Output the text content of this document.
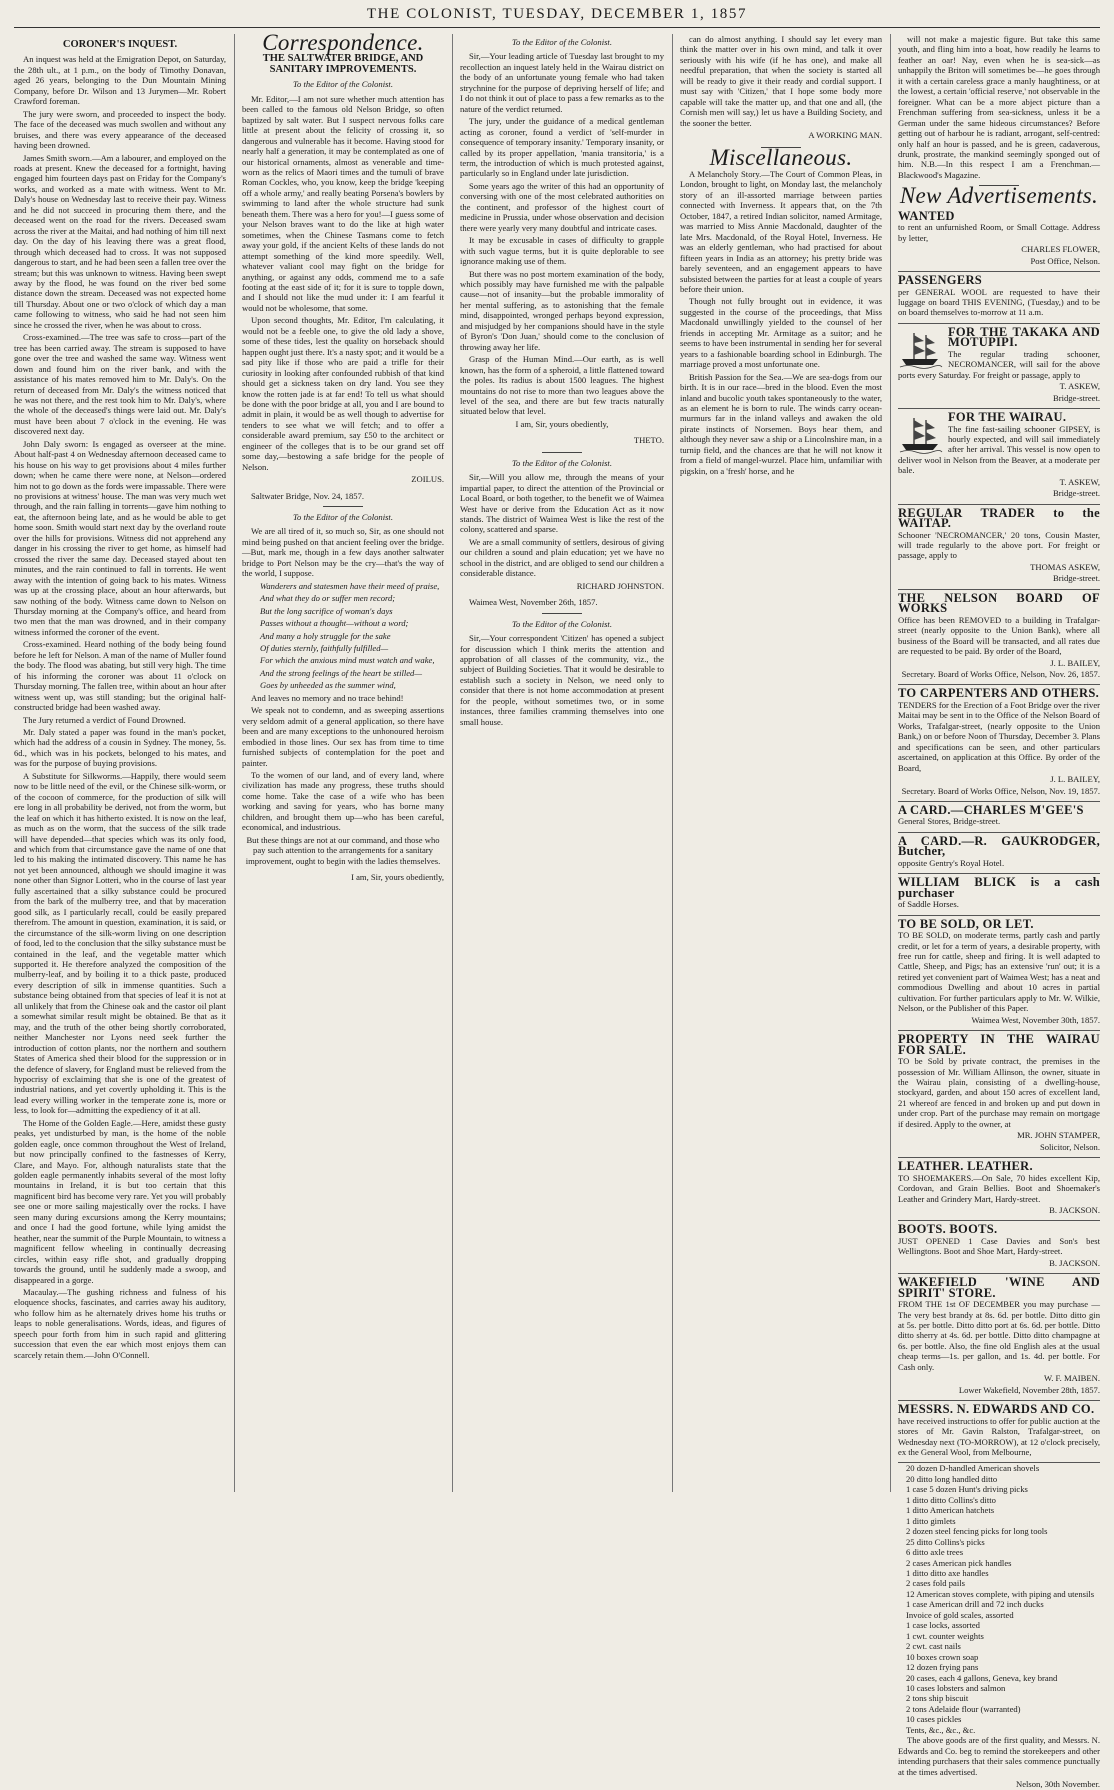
THE COLONIST, TUESDAY, DECEMBER 1, 1857
CORONER'S INQUEST.

An inquest was held at the Emigration Depot, on Saturday, the 28th ult., at 1 p.m., on the body of Timothy Donavan, aged 26 years, belonging to the Dun Mountain Mining Company, before Dr. Wilson and 13 Jurymen—Mr. Robert Crawford foreman.

The jury were sworn, and proceeded to inspect the body. The face of the deceased was much swollen and without any bruises, and there was every appearance of the deceased having been drowned.

James Smith sworn.—Am a labourer, and employed on the roads at present. Knew the deceased for a fortnight, having engaged him fourteen days past on Friday for the Company's works, and worked as a mate with witness. Went to Mr. Daly's house on Wednesday last to receive their pay. Witness and he did not succeed in procuring them there, and the deceased went on the road for the rivers. Deceased swam across the river at the Maitai, and had nothing of him till next day. On the day of his leaving there was a great flood, through which deceased had to cross. It was not supposed dangerous to start, and he had been seen a fallen tree over the stream; but this was unknown to witness. Having been swept away by the flood, he was found on the river bed some distance down the stream. Deceased was not expected home till Thursday. About one or two o'clock of which day a man came following to witness, who said he had not seen him since he crossed the river, when he was about to cross.

Cross-examined.—The tree was safe to cross—part of the tree has been carried away. The stream is supposed to have gone over the tree and washed the same way. Witness went down and found him on the river bank, and with the assistance of his mates removed him to Mr. Daly's. On the return of deceased from Mr. Daly's the witness noticed that he was not there, and the rest took him to Mr. Daly's, where the whole of the deceased's things were laid out. Mr. Daly's must have been about 7 o'clock in the evening. He was discovered next day.

John Daly sworn: Is engaged as overseer at the mine. About half-past 4 on Wednesday afternoon deceased came to his house on his way to get provisions about 4 miles further down; when he came there were none, at Nelson—ordered him not to go down as the fords were impassable. There were no provisions at witness' house. The man was very much wet through, and the rain falling in torrents—gave him nothing to eat, the afternoon being late, and as he would be able to get home soon. Smith would start next day by the overland route over the hills for provisions. Witness did not apprehend any danger in his crossing the river to get home, as himself had crossed the river the same day. Deceased stayed about ten minutes, and the rain continued to fall in torrents. He went away with the intention of going back to his mates. Witness was up at the crossing place, about an hour afterwards, but saw nothing of the body. Witness came down to Nelson on Thursday morning at the Company's office, and heard from two men that the man was drowned, and in their company witness informed the coroner of the event.

Cross-examined. Heard nothing of the body being found before he left for Nelson. A man of the name of Muller found the body. The flood was abating, but still very high. The time of his informing the coroner was about 11 o'clock on Thursday morning. The fallen tree, within about an hour after witness went up, was still standing; but the original half-constructed bridge had been washed away.

The Jury returned a verdict of Found Drowned.

Mr. Daly stated a paper was found in the man's pocket, which had the address of a cousin in Sydney. The money, 5s. 6d., which was in his pockets, belonged to his mates, and was for the purpose of buying provisions.

A Substitute for Silkworms.—Happily, there would seem now to be little need of the evil, or the Chinese silk-worm, or of the cocoon of commerce, for the production of silk will ere long in all probability be derived, not from the worm, but the leaf on which it has hitherto existed. It is now on the leaf, as much as on the worm, that the success of the silk trade will have depended—that species which was its only food, and which from that circumstance gave the name of one that led to his making the intimated discovery. This name he has not yet been announced, although we should imagine it was none other than Signor Lotteri, who in the course of last year fully ascertained that a silky substance could be procured from the bark of the mulberry tree, and that by maceration good silk, as I particularly recall, could be easily prepared therefrom. The amount in question, examination, it is said, or the circumstance of the silk-worm living on one description of food, led to the conclusion that the silky substance must be contained in the leaf, and the vegetable matter which supported it. He therefore analyzed the composition of the mulberry-leaf, and by boiling it to a thick paste, produced every description of silk in immense quantities. Such a substance being obtained from that species of leaf it is not at all unlikely that from the Chinese oak and the castor oil plant a somewhat similar result might be obtained. Be that as it may, and the truth of the other being shortly corroborated, neither Manchester nor Lyons need seek further the introduction of cotton plants, nor the northern and southern States of America shed their blood for the suppression or in the defence of slavery, for England must be relieved from the hypocrisy of exclaiming that she is one of the greatest of industrial nations, and yet covertly upholding it. This is the lead every willing worker in the temperate zone is, more or less, to look for—admitting the expediency of it at all.

The Home of the Golden Eagle.—Here, amidst these gusty peaks, yet undisturbed by man, is the home of the noble golden eagle, once common throughout the West of Ireland, but now principally confined to the fastnesses of Kerry, Clare, and Mayo. For, although naturalists state that the golden eagle permanently inhabits several of the most lofty mountains in Ireland, it is but too certain that this magnificent bird has become very rare. Yet you will probably see one or more sailing majestically over the rocks. I have seen many during excursions among the Kerry mountains; and once I had the good fortune, while lying amidst the heather, near the summit of the Purple Mountain, to witness a magnificent fellow wheeling in continually decreasing circles, within easy rifle shot, and gradually dropping towards the ground, until he suddenly made a swoop, and disappeared in a gorge.

Macaulay.—The gushing richness and fulness of his eloquence shocks, fascinates, and carries away his auditory, who follow him as he alternately drives home his truths or leaps to noble generalisations. Words, ideas, and figures of speech pour forth from him in such rapid and glittering succession that even the ear which most enjoys them can scarcely retain them.—John O'Connell.

Correspondence.
THE SALTWATER BRIDGE, AND SANITARY IMPROVEMENTS.

To the Editor of the Colonist.

Mr. Editor,—I am not sure whether much attention has been called to the famous old Nelson Bridge, so often baptized by salt water. But I suspect nervous folks care little at present about the felicity of crossing it, so dangerous and vulnerable has it become. Having stood for nearly half a generation, it may be contemplated as one of our historical ornaments, almost as venerable and time-worn as the relics of Maori times and the tumuli of brave Roman Cockles, who, you know, keep the bridge 'keeping off a whole army,' and really beating Porsena's bowlers by swimming to land after the whole structure had sunk beneath them. There was a hero for you!—I guess some of your Nelson braves want to do the like at high water sometimes, when the Chinese Tasmans come to fetch away your gold, if the ancient Kelts of these lands do not attempt something of the kind more speedily. Well, whatever valiant cool may fight on the bridge for anything, or against any odds, commend me to a safe footing at the east side of it; for it is sure to topple down, and I should not like the mud under it: I am fearful it would not be wholesome, that some.

Upon second thoughts, Mr. Editor, I'm calculating, it would not be a feeble one, to give the old lady a shove, some of these tides, lest the quality on horseback should happen ought just there. It's a nasty spot; and it would be a sad pity like if those who are paid a trifle for their curiosity in looking after confounded rubbish of that kind should get a sickness taken on dry land. You see they know the rotten jade is at far end! To tell us what should be done with the poor bridge at all, you and I are bound to admit in plain, it would be as well though to advertise for tenders to see what we will fetch; and to offer a considerable award premium, say £50 to the architect or engineer of the colleges that is to be our grand set off some day,—bestowing a safe bridge for the people of Nelson.

ZOILUS.

Saltwater Bridge, Nov. 24, 1857.

To the Editor of the Colonist.

We are all tired of it, so much so, Sir, as one should not mind being pushed on that ancient feeling over the bridge.—But, mark me, though in a few days another saltwater bridge to Port Nelson may be the cry—that's the way of the world, I suppose.

Wanderers and statesmen have their meed of praise,

And what they do or suffer men record;

But the long sacrifice of woman's days

Passes without a thought—without a word;

And many a holy struggle for the sake

Of duties sternly, faithfully fulfilled—

For which the anxious mind must watch and wake,

And the strong feelings of the heart be stilled—

Goes by unheeded as the summer wind,

And leaves no memory and no trace behind!

We speak not to condemn, and as sweeping assertions very seldom admit of a general application, so there have been and are many exceptions to the unhonoured heroism embodied in those lines. Our sex has from time to time furnished subjects of contemplation for the poet and painter.

To the women of our land, and of every land, where civilization has made any progress, these truths should come home. Take the case of a wife who has been working and saving for years, who has borne many children, and brought them up—who has been careful, economical, and industrious.

But these things are not at our command, and those who pay such attention to the arrangements for a sanitary improvement, ought to begin with the ladies themselves.

I am, Sir, yours obediently,

To the Editor of the Colonist.

Sir,—Your leading article of Tuesday last brought to my recollection an inquest lately held in the Wairau district on the body of an unfortunate young female who had taken strychnine for the purpose of depriving herself of life; and I do not think it out of place to pass a few remarks as to the nature of the verdict returned.

The jury, under the guidance of a medical gentleman acting as coroner, found a verdict of 'self-murder in consequence of temporary insanity.' Temporary insanity, or called by its proper appellation, 'mania transitoria,' is a term, the introduction of which is much protested against, particularly so in England under late jurisdiction.

Some years ago the writer of this had an opportunity of conversing with one of the most celebrated authorities on the continent, and professor of the highest court of medicine in Prussia, under whose observation and decision there were yearly very many doubtful and intricate cases.

It may be excusable in cases of difficulty to grapple with such vague terms, but it is quite deplorable to see ignorance making use of them.

But there was no post mortem examination of the body, which possibly may have furnished me with the palpable cause—not of insanity—but the probable immorality of her mental suffering, as to astonishing that the female mind, disappointed, wronged perhaps beyond expression, and misjudged by her companions should have in the style of Byron's 'Don Juan,' should come to the conclusion of throwing away her life.

Grasp of the Human Mind.—Our earth, as is well known, has the form of a spheroid, a little flattened toward the poles. Its radius is about 1500 leagues. The highest mountains do not rise to more than two leagues above the level of the sea, and there are but few tracts naturally situated below that level.

I am, Sir, yours obediently,

THETO.

To the Editor of the Colonist.

Sir,—Will you allow me, through the means of your impartial paper, to direct the attention of the Provincial or Local Board, or both together, to the benefit we of Waimea West have or derive from the Education Act as it now stands. The district of Waimea West is like the rest of the colony, scattered and sparse.

We are a small community of settlers, desirous of giving our children a sound and plain education; yet we have no school in the district, and are obliged to send our children a considerable distance.

RICHARD JOHNSTON.

Waimea West, November 26th, 1857.

To the Editor of the Colonist.

Sir,—Your correspondent 'Citizen' has opened a subject for discussion which I think merits the attention and approbation of all classes of the community, viz., the subject of Building Societies. That it would be desirable to establish such a society in Nelson, we need only to consider that there is not home accommodation at present for the people, without sometimes two, or in some instances, three families cramming themselves into one small house.

can do almost anything. I should say let every man think the matter over in his own mind, and talk it over seriously with his wife (if he has one), and make all needful preparation, that when the society is started all will be ready to give it their ready and cordial support. I must say with 'Citizen,' that I hope some body more capable will take the matter up, and that one and all, (the Cornish men will say,) let us have a Building Society, and the sooner the better.

A WORKING MAN.

Miscellaneous.

A Melancholy Story.—The Court of Common Pleas, in London, brought to light, on Monday last, the melancholy story of an ill-assorted marriage between parties connected with Inverness. It appears that, on the 7th October, 1847, a retired Indian solicitor, named Armitage, was married to Miss Annie Macdonald, daughter of the late Mrs. Macdonald, of the Royal Hotel, Inverness. He was an elderly gentleman, who had practised for about fifteen years in India as an attorney; his pretty bride was barely seventeen, and an engagement appears to have subsisted between the parties for at least a couple of years before their union.

Though not fully brought out in evidence, it was suggested in the course of the proceedings, that Miss Macdonald unwillingly yielded to the counsel of her friends in accepting Mr. Armitage as a suitor; and he seems to have been instrumental in sending her for several years to a fashionable boarding school in Edinburgh. The marriage proved a most unfortunate one.

British Passion for the Sea.—We are sea-dogs from our birth. It is in our race—bred in the blood. Even the most inland and bucolic youth takes spontaneously to the water, as an element he is born to rule. The winds carry ocean-murmurs far in the inland valleys and awaken the old pirate instincts of Norsemen. Boys hear them, and although they never saw a ship or a Lincolnshire man, in a turnip field, and the chances are that he will not know it from a field of mangel-wurzel. Place him, unfamiliar with pigskin, on a 'fresh' horse, and he

will not make a majestic figure. But take this same youth, and fling him into a boat, how readily he learns to feather an oar! Nay, even when he is sea-sick—as unhappily the Briton will sometimes be—he goes through it with a certain careless grace a manly haughtiness, or at the lowest, a certain 'official reserve,' not observable in the foreigner. What can be a more abject picture than a Frenchman suffering from sea-sickness, unless it be a German under the same hideous circumstances? Before getting out of harbour he is radiant, arrogant, self-centred: only half an hour is passed, and he is green, cadaverous, drunk, prostrate, the mankind seemingly sponged out of him. N.B.—In this respect I am a Frenchman.—Blackwood's Magazine.

New Advertisements.

WANTED

to rent an unfurnished Room, or Small Cottage. Address by letter,

CHARLES FLOWER,

Post Office, Nelson.

PASSENGERS

per GENERAL WOOL are requested to have their luggage on board THIS EVENING, (Tuesday,) and to be on board themselves to-morrow at 11 a.m.

FOR THE TAKAKA AND MOTUPIPI.

The regular trading schooner, NECROMANCER, will sail for the above ports every Saturday. For freight or passage, apply to

T. ASKEW,

Bridge-street.

FOR THE WAIRAU.

The fine fast-sailing schooner GIPSEY, is hourly expected, and will sail immediately after her arrival. This vessel is now open to deliver wool in Nelson from the Beaver, at a moderate per bale.

T. ASKEW,

Bridge-street.

REGULAR TRADER to the WAITAP.

Schooner 'NECROMANCER,' 20 tons, Cousin Master, will trade regularly to the above port. For freight or passage, apply to

THOMAS ASKEW,

Bridge-street.

THE NELSON BOARD OF WORKS

Office has been REMOVED to a building in Trafalgar-street (nearly opposite to the Union Bank), where all business of the Board will be transacted, and all rates due are requested to be paid. By order of the Board,

J. L. BAILEY,

Secretary. Board of Works Office, Nelson, Nov. 26, 1857.

TO CARPENTERS AND OTHERS.

TENDERS for the Erection of a Foot Bridge over the river Maitai may be sent in to the Office of the Nelson Board of Works, Trafalgar-street, (nearly opposite to the Union Bank,) on or before Noon of Thursday, December 3. Plans and specifications can be seen, and other particulars ascertained, on application at this Office. By order of the Board,

J. L. BAILEY,

Secretary. Board of Works Office, Nelson, Nov. 19, 1857.

A CARD.—CHARLES M'GEE'S

General Stores, Bridge-street.

A CARD.—R. GAUKRODGER, Butcher,

opposite Gentry's Royal Hotel.

WILLIAM BLICK is a cash purchaser

of Saddle Horses.

TO BE SOLD, OR LET.

TO BE SOLD, on moderate terms, partly cash and partly credit, or let for a term of years, a desirable property, with free run for cattle, sheep and firing. It is well adapted to Cattle, Sheep, and Pigs; has an extensive 'run' out; it is a retired yet convenient part of Waimea West; has a neat and commodious Dwelling and about 10 acres in partial cultivation. For further particulars apply to Mr. W. Wilkie, Nelson, or the Publisher of this Paper.

Waimea West, November 30th, 1857.

PROPERTY IN THE WAIRAU FOR SALE.

TO be Sold by private contract, the premises in the possession of Mr. William Allinson, the owner, situate in the Wairau plain, consisting of a dwelling-house, stockyard, garden, and about 150 acres of excellent land, 21 whereof are fenced in and broken up and put down in under crop. Part of the purchase may remain on mortgage if desired. Apply to the owner, at

MR. JOHN STAMPER,

Solicitor, Nelson.

LEATHER. LEATHER.

TO SHOEMAKERS.—On Sale, 70 hides excellent Kip, Cordovan, and Grain Bellies. Boot and Shoemaker's Leather and Grindery Mart, Hardy-street.

B. JACKSON.

BOOTS. BOOTS.

JUST OPENED 1 Case Davies and Son's best Wellingtons. Boot and Shoe Mart, Hardy-street.

B. JACKSON.

WAKEFIELD 'WINE AND SPIRIT' STORE.

FROM THE 1st OF DECEMBER you may purchase — The very best brandy at 8s. 6d. per bottle. Ditto ditto gin at 5s. per bottle. Ditto ditto port at 6s. 6d. per bottle. Ditto ditto sherry at 4s. 6d. per bottle. Ditto ditto champagne at 6s. per bottle. Also, the fine old English ales at the usual cheap terms—1s. per gallon, and 1s. 4d. per bottle. For Cash only.

W. F. MAIBEN.

Lower Wakefield, November 28th, 1857.

MESSRS. N. EDWARDS AND CO.

have received instructions to offer for public auction at the stores of Mr. Gavin Ralston, Trafalgar-street, on Wednesday next (TO-MORROW), at 12 o'clock precisely, ex the General Wool, from Melbourne,

20 dozen D-handled American shovels
20 ditto long handled ditto
1 case 5 dozen Hunt's driving picks
1 ditto ditto Collins's ditto
1 ditto American hatchets
1 ditto gimlets
2 dozen steel fencing picks for long tools
25 ditto Collins's picks
6 ditto axle trees
2 cases American pick handles
1 ditto ditto axe handles
2 cases fold pails
12 American stoves complete, with piping and utensils
1 case American drill and 72 inch ducks
Invoice of gold scales, assorted
1 case locks, assorted
1 cwt. counter weights
2 cwt. cast nails
10 boxes crown soap
12 dozen frying pans
20 cases, each 4 gallons, Geneva, key brand
10 cases lobsters and salmon
2 tons ship biscuit
2 tons Adelaide flour (warranted)
10 cases pickles
Tents, &c., &c., &c.

The above goods are of the first quality, and Messrs. N. Edwards and Co. beg to remind the storekeepers and other intending purchasers that their sales commence punctually at the times advertised.

Nelson, 30th November.
